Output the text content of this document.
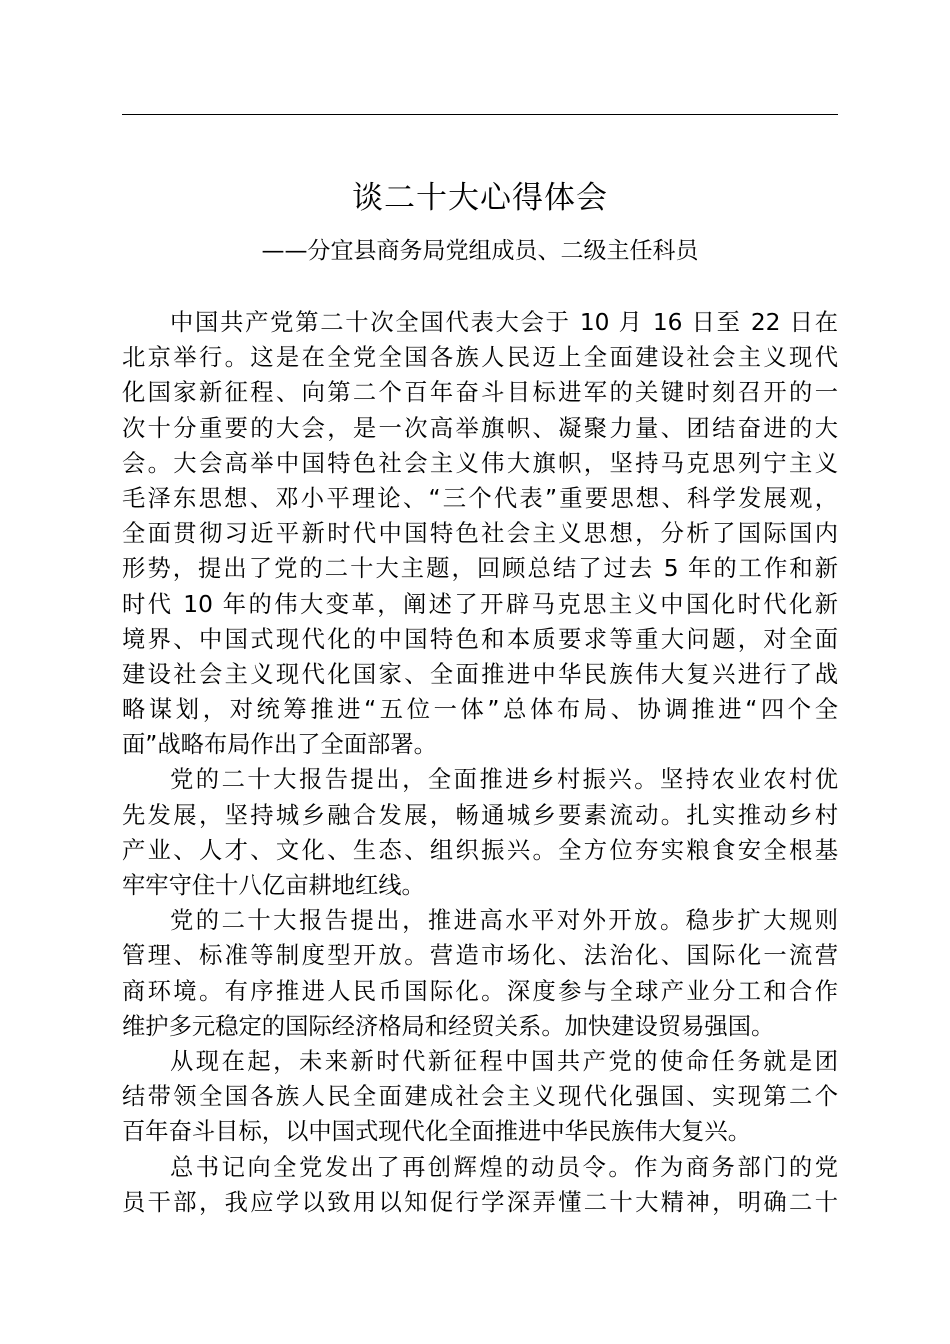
谈二十大心得体会
——分宜县商务局党组成员、二级主任科员
中国共产党第二十次全国代表大会于 10 月 16 日至 22 日在
北京举行。这是在全党全国各族人民迈上全面建设社会主义现代
化国家新征程、向第二个百年奋斗目标进军的关键时刻召开的一
次十分重要的大会，是一次高举旗帜、凝聚力量、团结奋进的大
会。大会高举中国特色社会主义伟大旗帜，坚持马克思列宁主义
毛泽东思想、邓小平理论、“三个代表”重要思想、科学发展观，
全面贯彻习近平新时代中国特色社会主义思想，分析了国际国内
形势，提出了党的二十大主题，回顾总结了过去 5 年的工作和新
时代 10 年的伟大变革，阐述了开辟马克思主义中国化时代化新
境界、中国式现代化的中国特色和本质要求等重大问题，对全面
建设社会主义现代化国家、全面推进中华民族伟大复兴进行了战
略谋划，对统筹推进“五位一体”总体布局、协调推进“四个全
面”战略布局作出了全面部署。
党的二十大报告提出，全面推进乡村振兴。坚持农业农村优
先发展，坚持城乡融合发展，畅通城乡要素流动。扎实推动乡村
产业、人才、文化、生态、组织振兴。全方位夯实粮食安全根基
牢牢守住十八亿亩耕地红线。
党的二十大报告提出，推进高水平对外开放。稳步扩大规则
管理、标准等制度型开放。营造市场化、法治化、国际化一流营
商环境。有序推进人民币国际化。深度参与全球产业分工和合作
维护多元稳定的国际经济格局和经贸关系。加快建设贸易强国。
从现在起，未来新时代新征程中国共产党的使命任务就是团
结带领全国各族人民全面建成社会主义现代化强国、实现第二个
百年奋斗目标，以中国式现代化全面推进中华民族伟大复兴。
总书记向全党发出了再创辉煌的动员令。作为商务部门的党
员干部，我应学以致用以知促行学深弄懂二十大精神，明确二十
